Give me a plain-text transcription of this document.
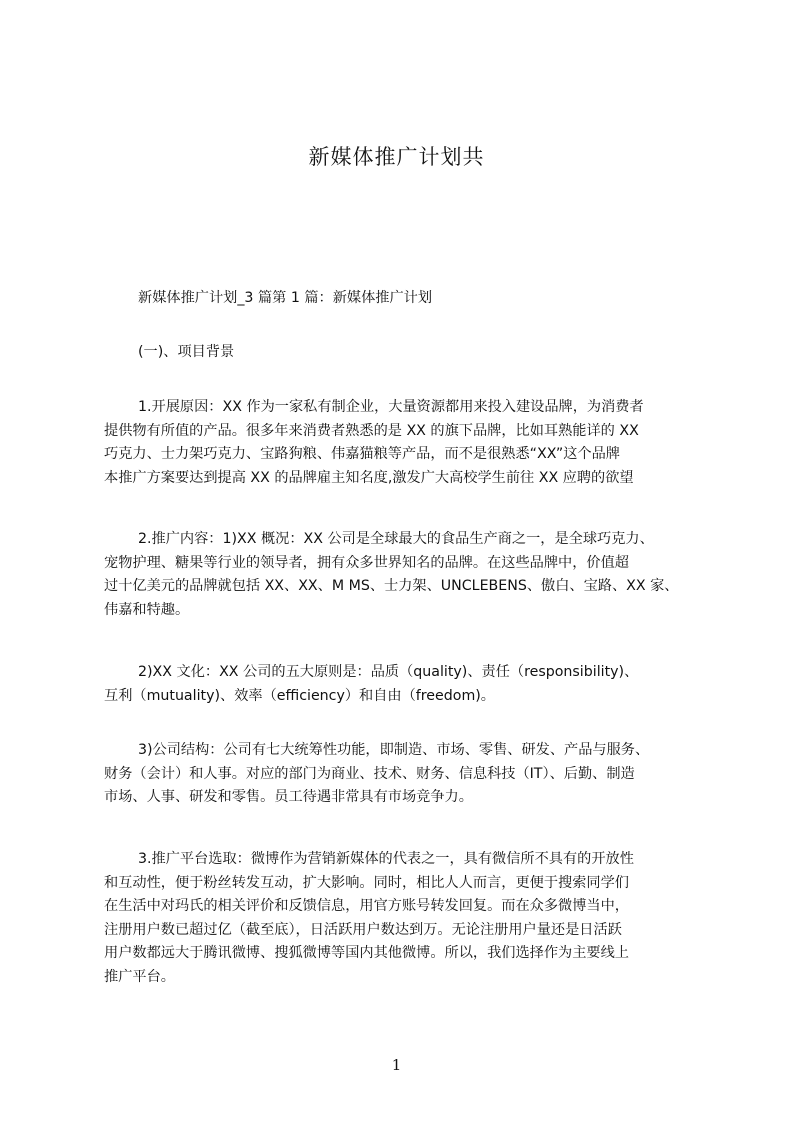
新媒体推广计划共
新媒体推广计划_3 篇第 1 篇：新媒体推广计划
(一)、项目背景
1.开展原因：XX 作为一家私有制企业，大量资源都用来投入建设品牌，为消费者
提供物有所值的产品。很多年来消费者熟悉的是 XX 的旗下品牌，比如耳熟能详的 XX
巧克力、士力架巧克力、宝路狗粮、伟嘉猫粮等产品，而不是很熟悉“XX”这个品牌
本推广方案要达到提高 XX 的品牌雇主知名度,激发广大高校学生前往 XX 应聘的欲望
2.推广内容：1)XX 概况：XX 公司是全球最大的食品生产商之一，是全球巧克力、
宠物护理、糖果等行业的领导者，拥有众多世界知名的品牌。在这些品牌中，价值超
过十亿美元的品牌就包括 XX、XX、M MS、士力架、UNCLEBENS、傲白、宝路、XX 家、
伟嘉和特趣。
2)XX 文化：XX 公司的五大原则是：品质（quality)、责任（responsibility)、
互利（mutuality)、效率（efficiency）和自由（freedom)。
3)公司结构：公司有七大统筹性功能，即制造、市场、零售、研发、产品与服务、
财务（会计）和人事。对应的部门为商业、技术、财务、信息科技（IT）、后勤、制造
市场、人事、研发和零售。员工待遇非常具有市场竞争力。
3.推广平台选取：微博作为营销新媒体的代表之一，具有微信所不具有的开放性
和互动性，便于粉丝转发互动，扩大影响。同时，相比人人而言，更便于搜索同学们
在生活中对玛氏的相关评价和反馈信息，用官方账号转发回复。而在众多微博当中，
注册用户数已超过亿（截至底），日活跃用户数达到万。无论注册用户量还是日活跃
用户数都远大于腾讯微博、搜狐微博等国内其他微博。所以，我们选择作为主要线上
推广平台。
1
